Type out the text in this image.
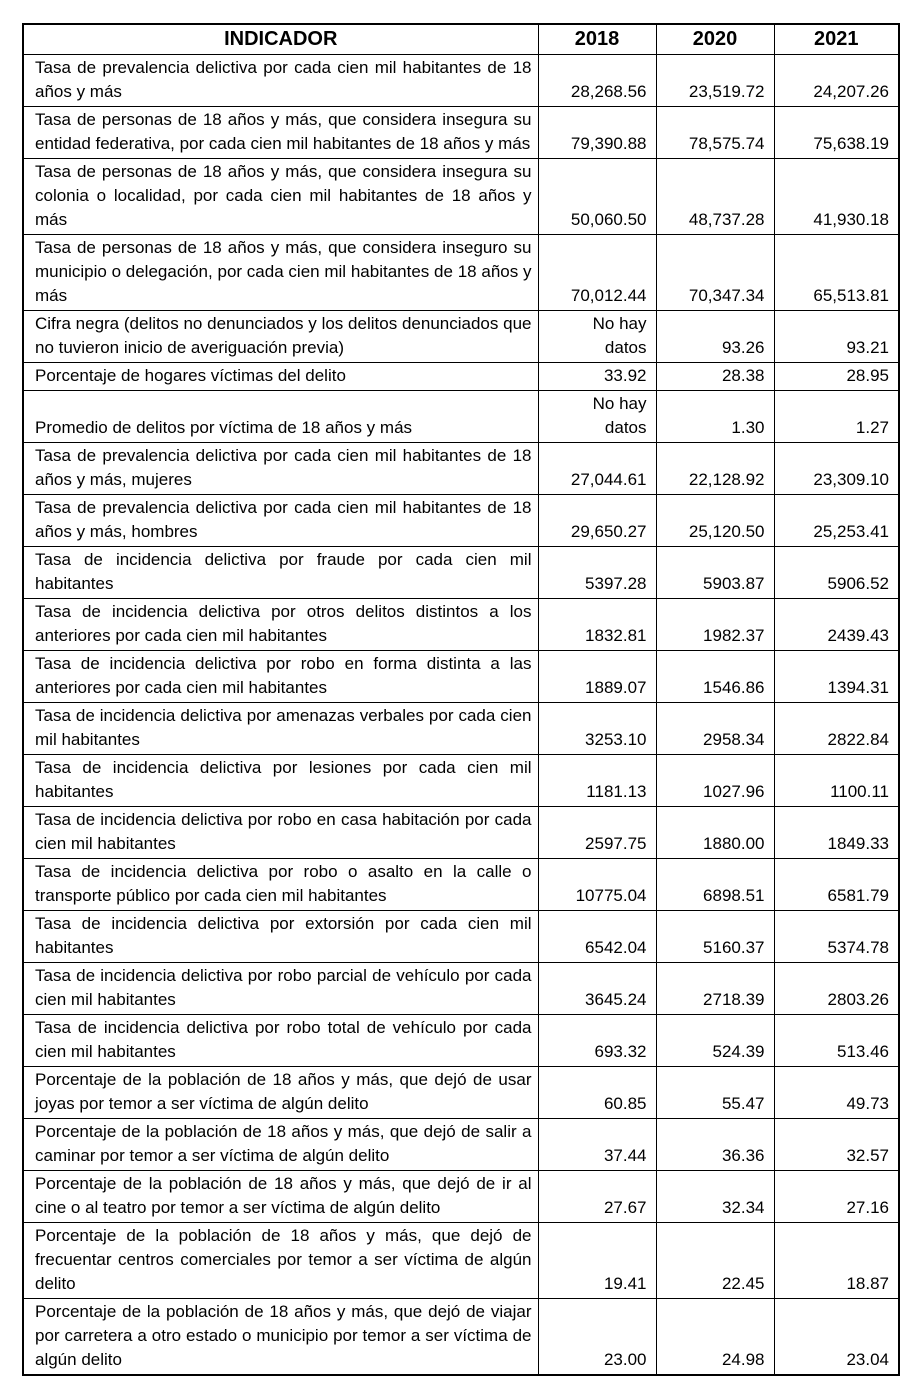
INDICADOR	2018	2020	2021
Tasa de prevalencia delictiva por cada cien mil habitantes de 18 años y más	28,268.56	23,519.72	24,207.26
Tasa de personas de 18 años y más, que considera insegura su entidad federativa, por cada cien mil habitantes de 18 años y más	79,390.88	78,575.74	75,638.19
Tasa de personas de 18 años y más, que considera insegura su colonia o localidad, por cada cien mil habitantes de 18 años y más	50,060.50	48,737.28	41,930.18
Tasa de personas de 18 años y más, que considera inseguro su municipio o delegación, por cada cien mil habitantes de 18 años y más	70,012.44	70,347.34	65,513.81
Cifra negra (delitos no denunciados y los delitos denunciados que no tuvieron inicio de averiguación previa)	No hay datos	93.26	93.21
Porcentaje de hogares víctimas del delito	33.92	28.38	28.95
Promedio de delitos por víctima de 18 años y más	No hay datos	1.30	1.27
Tasa de prevalencia delictiva por cada cien mil habitantes de 18 años y más, mujeres	27,044.61	22,128.92	23,309.10
Tasa de prevalencia delictiva por cada cien mil habitantes de 18 años y más, hombres	29,650.27	25,120.50	25,253.41
Tasa de incidencia delictiva por fraude por cada cien mil habitantes	5397.28	5903.87	5906.52
Tasa de incidencia delictiva por otros delitos distintos a los anteriores por cada cien mil habitantes	1832.81	1982.37	2439.43
Tasa de incidencia delictiva por robo en forma distinta a las anteriores por cada cien mil habitantes	1889.07	1546.86	1394.31
Tasa de incidencia delictiva por amenazas verbales por cada cien mil habitantes	3253.10	2958.34	2822.84
Tasa de incidencia delictiva por lesiones por cada cien mil habitantes	1181.13	1027.96	1100.11
Tasa de incidencia delictiva por robo en casa habitación por cada cien mil habitantes	2597.75	1880.00	1849.33
Tasa de incidencia delictiva por robo o asalto en la calle o transporte público por cada cien mil habitantes	10775.04	6898.51	6581.79
Tasa de incidencia delictiva por extorsión por cada cien mil habitantes	6542.04	5160.37	5374.78
Tasa de incidencia delictiva por robo parcial de vehículo por cada cien mil habitantes	3645.24	2718.39	2803.26
Tasa de incidencia delictiva por robo total de vehículo por cada cien mil habitantes	693.32	524.39	513.46
Porcentaje de la población de 18 años y más, que dejó de usar joyas por temor a ser víctima de algún delito	60.85	55.47	49.73
Porcentaje de la población de 18 años y más, que dejó de salir a caminar por temor a ser víctima de algún delito	37.44	36.36	32.57
Porcentaje de la población de 18 años y más, que dejó de ir al cine o al teatro por temor a ser víctima de algún delito	27.67	32.34	27.16
Porcentaje de la población de 18 años y más, que dejó de frecuentar centros comerciales por temor a ser víctima de algún delito	19.41	22.45	18.87
Porcentaje de la población de 18 años y más, que dejó de viajar por carretera a otro estado o municipio por temor a ser víctima de algún delito	23.00	24.98	23.04
